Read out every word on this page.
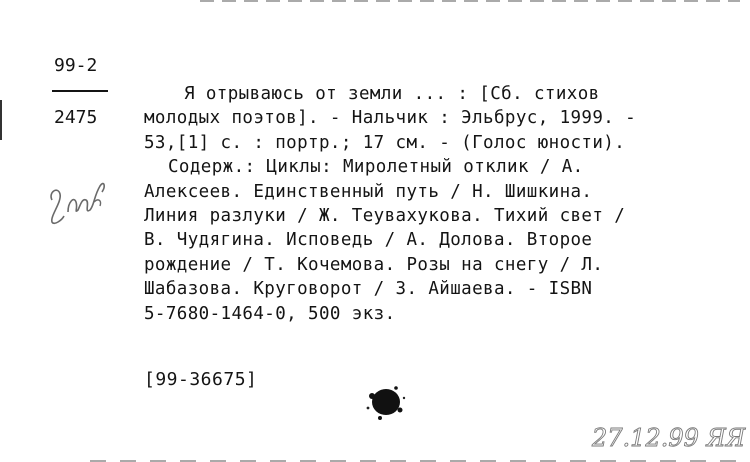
99-2
2475
Я отрываюсь от земли ... : [Сб. стихов
молодых поэтов]. - Нальчик : Эльбрус, 1999. -
53,[1] с. : портр.; 17 см. - (Голос юности).
Содерж.: Циклы: Миролетный отклик / А.
Алексеев. Единственный путь / Н. Шишкина.
Линия разлуки / Ж. Теувахукова. Тихий свет /
В. Чудягина. Исповедь / А. Долова. Второе
рождение / Т. Кочемова. Розы на снегу / Л.
Шабазова. Круговорот / З. Айшаева. - ISBN
5-7680-1464-0, 500 экз.
[99-36675]
27.12.99 ЯЯ
